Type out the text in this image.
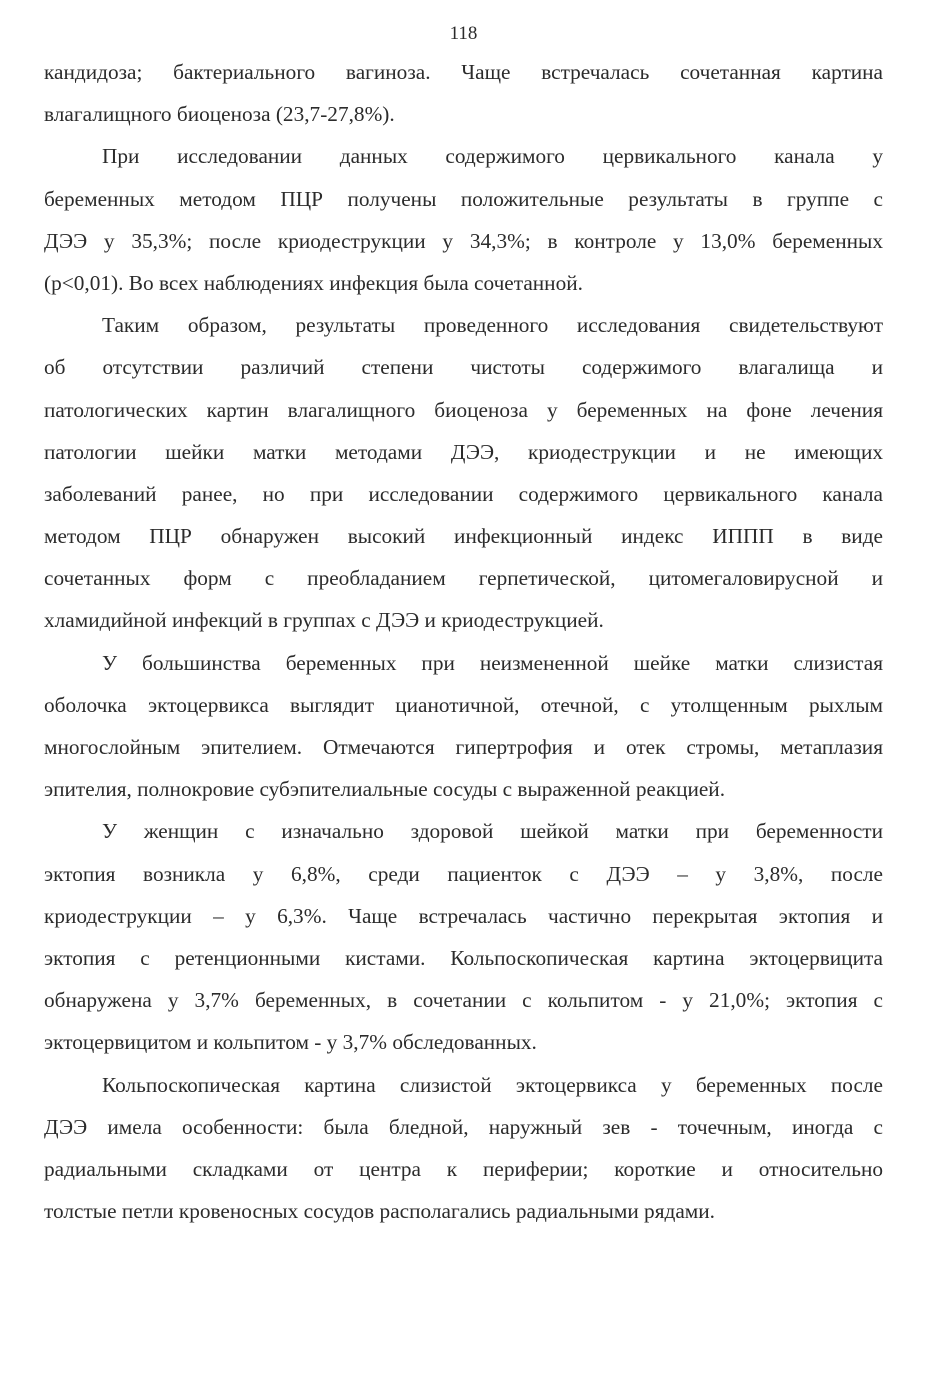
118
кандидоза; бактериального вагиноза. Чаще встречалась сочетанная картина
влагалищного биоценоза (23,7-27,8%).
При исследовании данных содержимого цервикального канала у
беременных методом ПЦР получены положительные результаты в группе с
ДЭЭ у 35,3%; после криодеструкции у 34,3%; в контроле у 13,0% беременных
(р<0,01). Во всех наблюдениях инфекция была сочетанной.
Таким образом, результаты проведенного исследования свидетельствуют
об отсутствии различий степени чистоты содержимого влагалища и
патологических картин влагалищного биоценоза у беременных на фоне лечения
патологии шейки матки методами ДЭЭ, криодеструкции и не имеющих
заболеваний ранее, но при исследовании содержимого цервикального канала
методом ПЦР обнаружен высокий инфекционный индекс ИППП в виде
сочетанных форм с преобладанием герпетической, цитомегаловирусной и
хламидийной инфекций в группах с ДЭЭ и криодеструкцией.
У большинства беременных при неизмененной шейке матки слизистая
оболочка эктоцервикса выглядит цианотичной, отечной, с утолщенным рыхлым
многослойным эпителием. Отмечаются гипертрофия и отек стромы, метаплазия
эпителия, полнокровие субэпителиальные сосуды с выраженной реакцией.
У женщин с изначально здоровой шейкой матки при беременности
эктопия возникла у 6,8%, среди пациенток с ДЭЭ – у 3,8%, после
криодеструкции – у 6,3%. Чаще встречалась частично перекрытая эктопия и
эктопия с ретенционными кистами. Кольпоскопическая картина эктоцервицита
обнаружена у 3,7% беременных, в сочетании с кольпитом - у 21,0%; эктопия с
эктоцервицитом и кольпитом - у 3,7% обследованных.
Кольпоскопическая картина слизистой эктоцервикса у беременных после
ДЭЭ имела особенности: была бледной, наружный зев - точечным, иногда с
радиальными складками от центра к периферии; короткие и относительно
толстые петли кровеносных сосудов располагались радиальными рядами.
